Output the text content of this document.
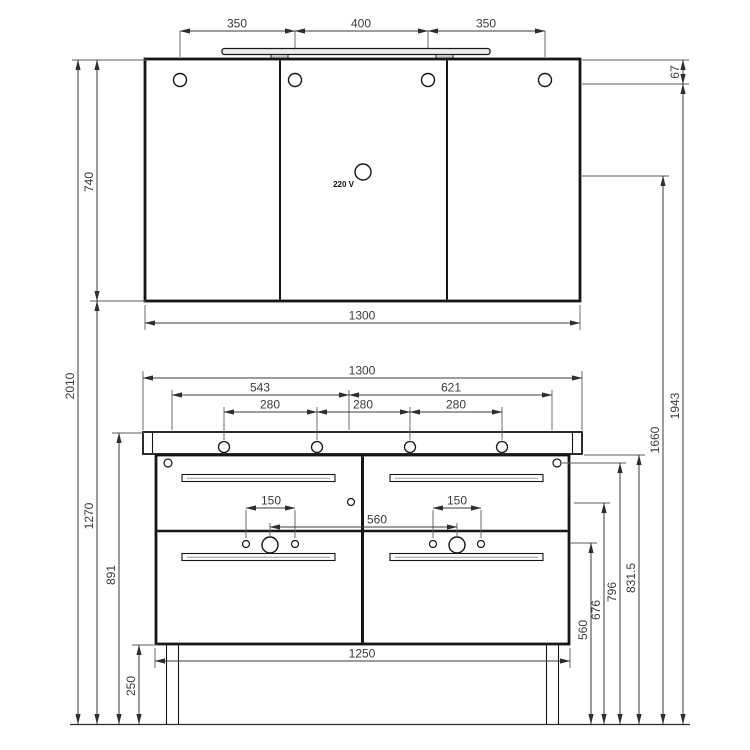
220 V
350	400	350
1300
1300
543	621
280	280	280
150	150
560
1250
2010
740
1270
891
250
67
1943
1660
831.5
796
676
560
